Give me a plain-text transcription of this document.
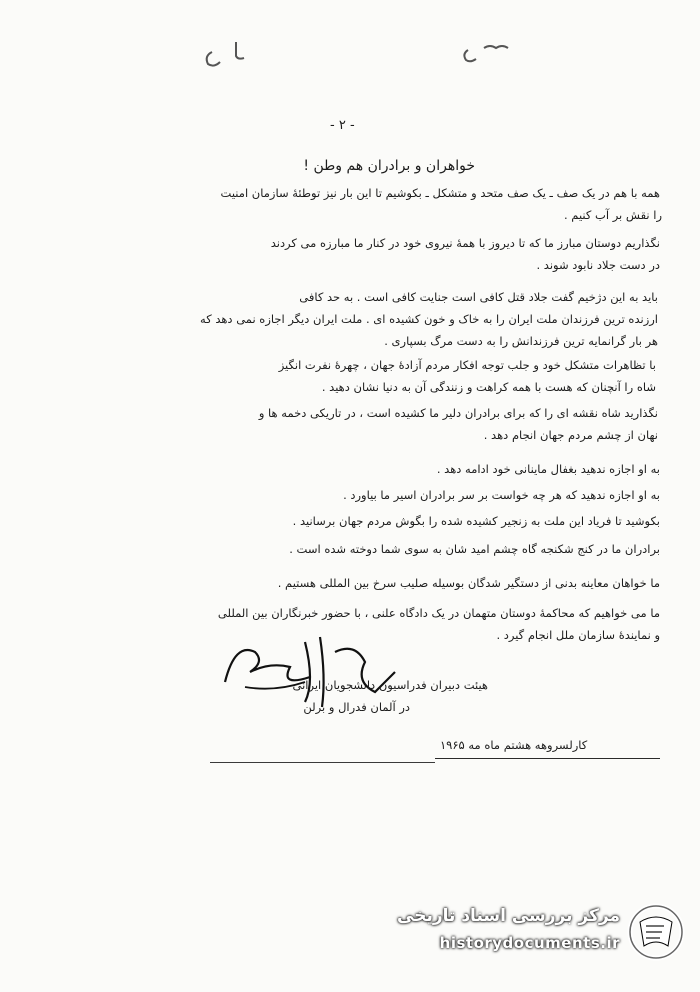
- ٢ -
خواهران و برادران هم وطن !
همه با هم در یک صف ـ یک صف متحد و متشکل ـ بکوشیم تا این بار نیز توطئهٔ سازمان امنیت
را نقش بر آب کنیم .
نگذاریم دوستان مبارز ما که تا دیروز با همهٔ نیروی خود در کنار ما مبارزه می کردند
در دست جلاد نابود شوند .
باید به این دژخیم گفت جلاد قتل کافی است جنایت کافی است . به حد کافی
ارزنده ترین فرزندان ملت ایران را به خاک و خون کشیده ای . ملت ایران دیگر اجازه نمی دهد که
هر بار گرانمایه ترین فرزندانش را به دست مرگ بسپاری .
با تظاهرات متشکل خود و جلب توجه افکار مردم آزادهٔ جهان ، چهرهٔ نفرت انگیز
شاه را آنچنان که هست با همه کراهت و زنندگی آن به دنیا نشان دهید .
نگذارید شاه نقشه ای را که برای برادران دلیر ما کشیده است ، در تاریکی دخمه ها و
نهان از چشم مردم جهان انجام دهد .
به او اجازه ندهید بغفال ماینانی خود ادامه دهد .
به او اجازه ندهید که هر چه خواست بر سر برادران اسیر ما بیاورد .
بکوشید تا فریاد این ملت به زنجیر کشیده شده را بگوش مردم جهان برسانید .
برادران ما در کنج شکنجه گاه چشم امید شان به سوی شما دوخته شده است .
ما خواهان معاینه بدنی از دستگیر شدگان بوسیله صلیب سرخ بین المللی هستیم .
ما می خواهیم که محاکمهٔ دوستان متهمان در یک دادگاه علنی ، با حضور خبرنگاران بین المللی
و نمایندهٔ سازمان ملل انجام گیرد .
هیئت دبیران فدراسیون دانشجویان ایرانی
در آلمان فدرال و برلن
کارلسروهه هشتم ماه مه ۱۹۶۵
مرکز بررسی اسناد تاریخی
historydocuments.ir
